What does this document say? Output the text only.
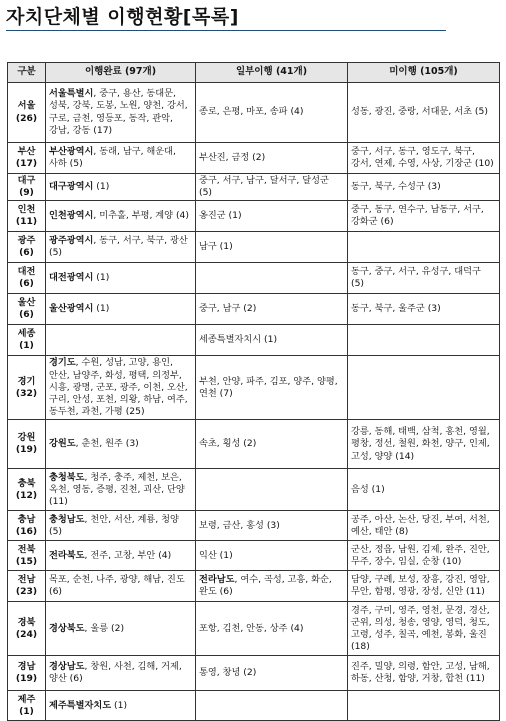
자치단체별 이행현황[목록]
구분	이행완료 (97개)	일부이행 (41개)	미이행 (105개)

서울
(26)	서울특별시, 중구, 용산, 동대문, 성북, 강북, 도봉, 노원, 양천, 강서, 구로, 금천, 영등포, 동작, 관악, 강남, 강동 (17)	종로, 은평, 마포, 송파 (4)	성동, 광진, 중랑, 서대문, 서초 (5)

부산
(17)	부산광역시, 동래, 남구, 해운대, 사하 (5)	부산진, 금정 (2)	중구, 서구, 동구, 영도구, 북구, 강서, 연제, 수영, 사상, 기장군 (10)

대구
(9)	대구광역시 (1)	중구, 서구, 남구, 달서구, 달성군 (5)	동구, 북구, 수성구 (3)

인천
(11)	인천광역시, 미추홀, 부평, 계양 (4)	옹진군 (1)	중구, 동구, 연수구, 남동구, 서구, 강화군 (6)

광주
(6)	광주광역시, 동구, 서구, 북구, 광산 (5)	남구 (1)	

대전
(6)	대전광역시 (1)		동구, 중구, 서구, 유성구, 대덕구 (5)

울산
(6)	울산광역시 (1)	중구, 남구 (2)	동구, 북구, 울주군 (3)

세종
(1)		세종특별자치시 (1)	

경기
(32)	경기도, 수원, 성남, 고양, 용인, 안산, 남양주, 화성, 평택, 의정부, 시흥, 광명, 군포, 광주, 이천, 오산, 구리, 안성, 포천, 의왕, 하남, 여주, 동두천, 과천, 가평 (25)	부천, 안양, 파주, 김포, 양주, 양평, 연천 (7)	

강원
(19)	강원도, 춘천, 원주 (3)	속초, 횡성 (2)	강릉, 동해, 태백, 삼척, 홍천, 영월, 평창, 정선, 철원, 화천, 양구, 인제, 고성, 양양 (14)

충북
(12)	충청북도, 청주, 충주, 제천, 보은, 옥천, 영동, 증평, 진천, 괴산, 단양 (11)		음성 (1)

충남
(16)	충청남도, 천안, 서산, 계룡, 청양 (5)	보령, 금산, 홍성 (3)	공주, 아산, 논산, 당진, 부여, 서천, 예산, 태안 (8)

전북
(15)	전라북도, 전주, 고창, 부안 (4)	익산 (1)	군산, 정읍, 남원, 김제, 완주, 진안, 무주, 장수, 임실, 순창 (10)

전남
(23)	목포, 순천, 나주, 광양, 해남, 진도 (6)	전라남도, 여수, 곡성, 고흥, 화순, 완도 (6)	담양, 구례, 보성, 장흥, 강진, 영암, 무안, 함평, 영광, 장성, 신안 (11)

경북
(24)	경상북도, 울릉 (2)	포항, 김천, 안동, 상주 (4)	경주, 구미, 영주, 영천, 문경, 경산, 군위, 의성, 청송, 영양, 영덕, 청도, 고령, 성주, 칠곡, 예천, 봉화, 울진 (18)

경남
(19)	경상남도, 창원, 사천, 김해, 거제, 양산 (6)	통영, 창녕 (2)	진주, 밀양, 의령, 함안, 고성, 남해, 하동, 산청, 함양, 거창, 합천 (11)

제주
(1)	제주특별자치도 (1)		
